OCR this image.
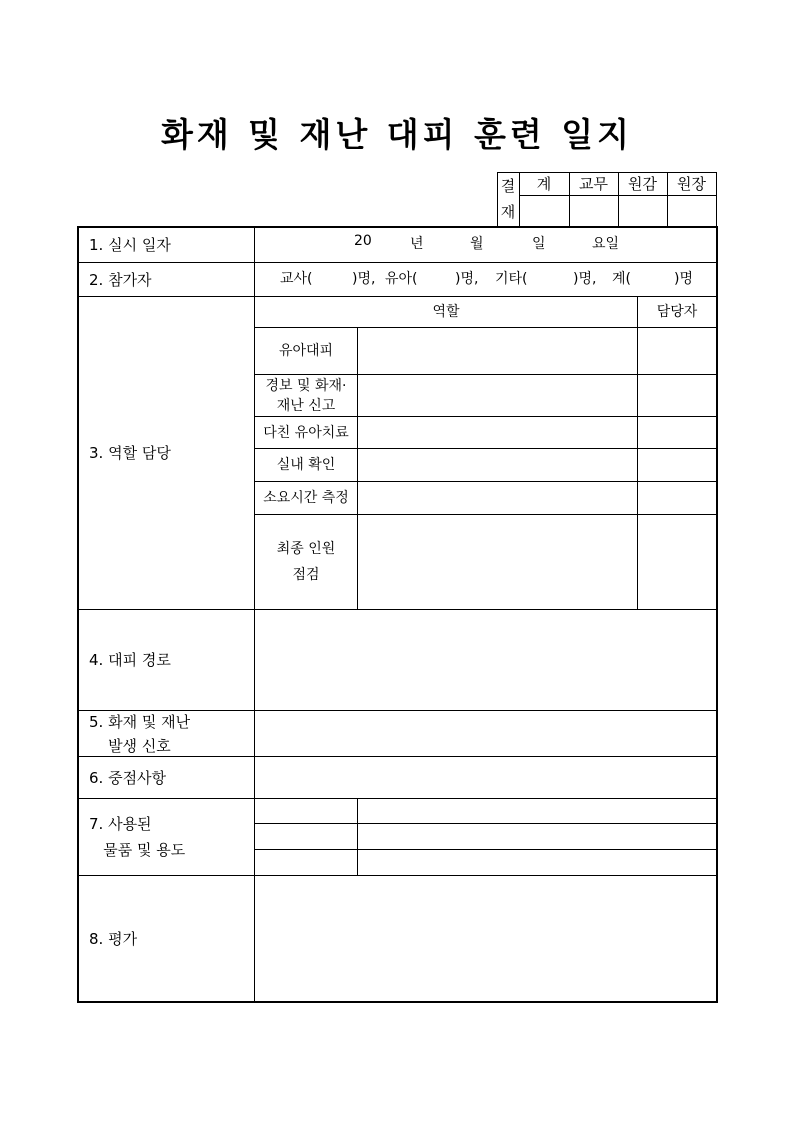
화재 및 재난 대피 훈련 일지
결
재
계	교무	원감	원장
1. 실시 일자	20	년	월	일	요일
2. 참가자	교사(	)명, 유아(	)명, 기타(	)명, 계(	)명
3. 역할 담당
역할	담당자
유아대피
경보 및 화재·
재난 신고
다친 유아치료
실내 확인
소요시간 측정
최종 인원
점검
4. 대피 경로
5. 화재 및 재난
발생 신호
6. 중점사항
7. 사용된
물품 및 용도
8. 평가
